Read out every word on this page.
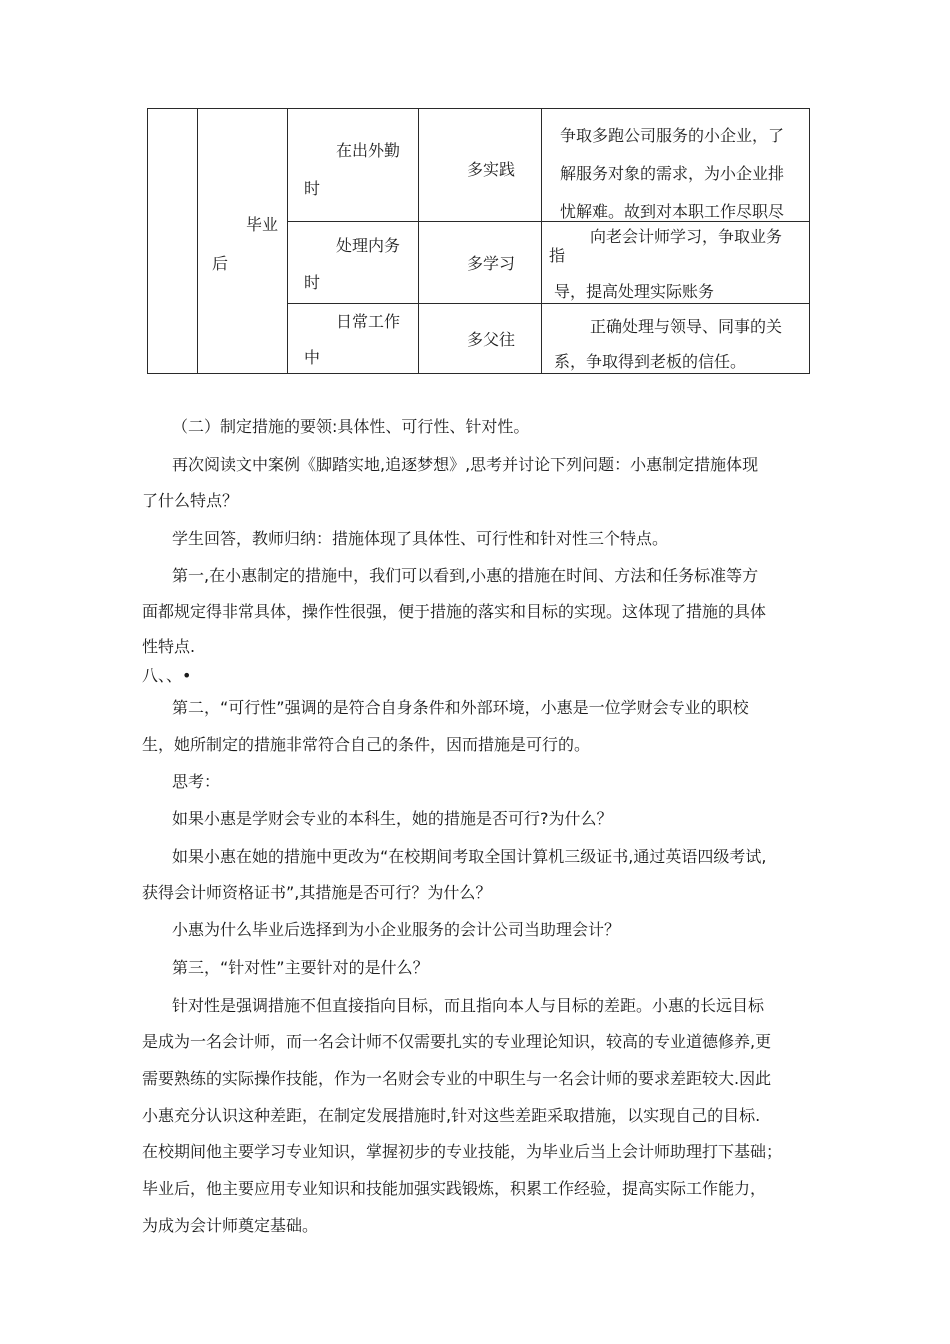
毕业
后
在出外勤
时
多实践
争取多跑公司服务的小企业，了
解服务对象的需求，为小企业排
忧解难。故到对本职工作尽职尽
处理内务
时
多学习
向老会计师学习，争取业务
指
导，提高处理实际账务
日常工作
中
多父往
正确处理与领导、同事的关
系，争取得到老板的信任。
（二）制定措施的要领:具体性、可行性、针对性。
再次阅读文中案例《脚踏实地,追逐梦想》,思考并讨论下列问题：小惠制定措施体现
了什么特点？
学生回答，教师归纳：措施体现了具体性、可行性和针对性三个特点。
第一,在小惠制定的措施中，我们可以看到,小惠的措施在时间、方法和任务标准等方
面都规定得非常具体，操作性很强，便于措施的落实和目标的实现。这体现了措施的具体
性特点.
八、、•
第二，“可行性”强调的是符合自身条件和外部环境，小惠是一位学财会专业的职校
生，她所制定的措施非常符合自己的条件，因而措施是可行的。
思考：
如果小惠是学财会专业的本科生，她的措施是否可行?为什么？
如果小惠在她的措施中更改为“在校期间考取全国计算机三级证书,通过英语四级考试,
获得会计师资格证书”,其措施是否可行？为什么？
小惠为什么毕业后选择到为小企业服务的会计公司当助理会计？
第三，“针对性”主要针对的是什么？
针对性是强调措施不但直接指向目标，而且指向本人与目标的差距。小惠的长远目标
是成为一名会计师，而一名会计师不仅需要扎实的专业理论知识，较高的专业道德修养,更
需要熟练的实际操作技能，作为一名财会专业的中职生与一名会计师的要求差距较大.因此
小惠充分认识这种差距，在制定发展措施时,针对这些差距采取措施，以实现自己的目标.
在校期间他主要学习专业知识，掌握初步的专业技能，为毕业后当上会计师助理打下基础；
毕业后，他主要应用专业知识和技能加强实践锻炼，积累工作经验，提高实际工作能力，
为成为会计师奠定基础。
